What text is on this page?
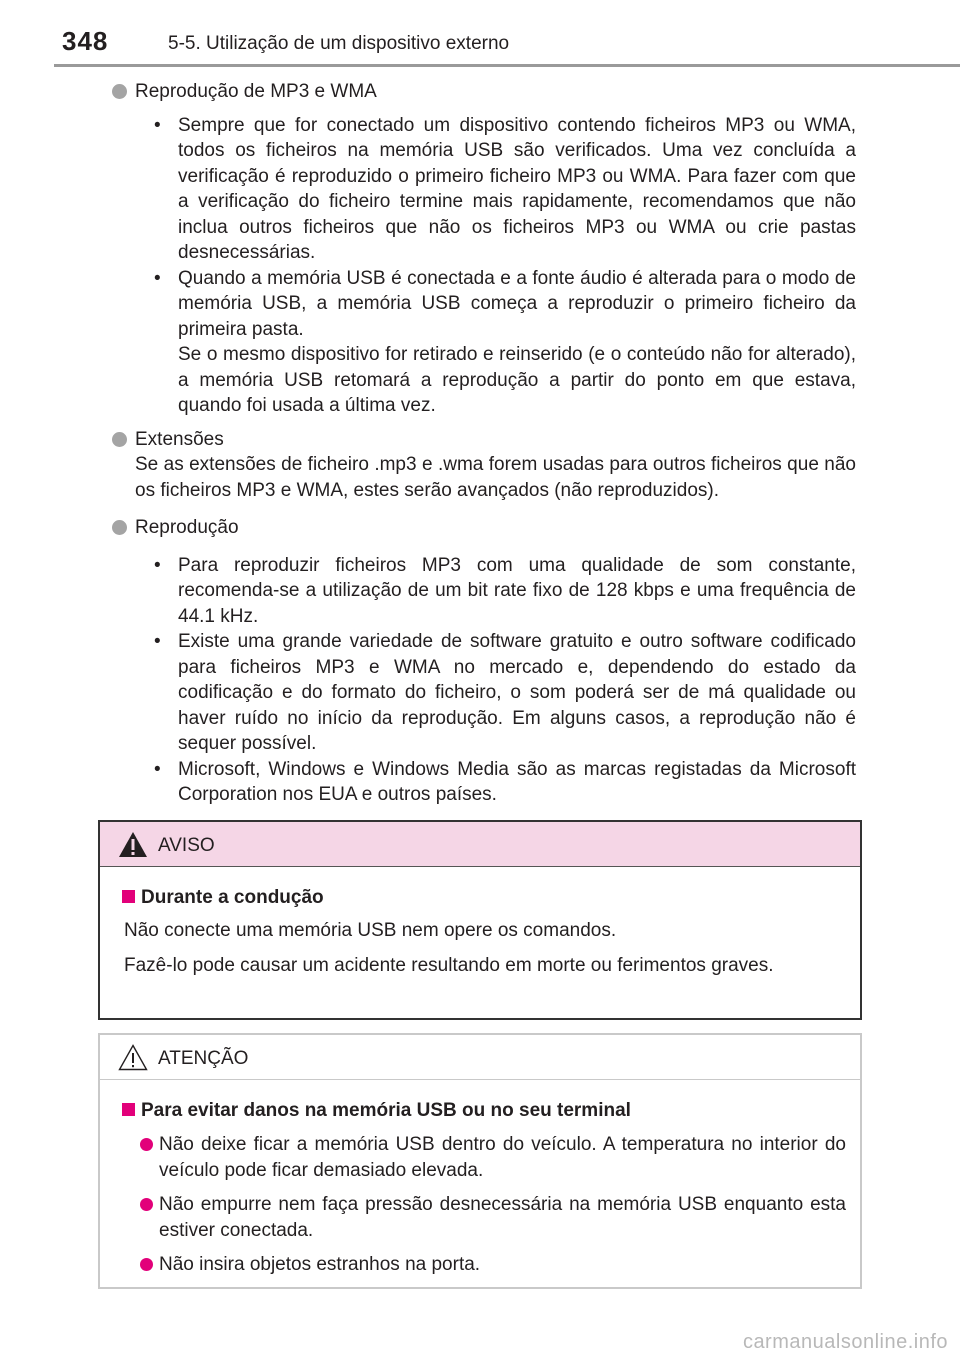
348	5-5. Utilização de um dispositivo externo
Reprodução de MP3 e WMA
• Sempre que for conectado um dispositivo contendo ficheiros MP3 ou WMA, todos os ficheiros na memória USB são verificados. Uma vez concluída a verificação é reproduzido o primeiro ficheiro MP3 ou WMA. Para fazer com que a verificação do ficheiro termine mais rapidamente, recomendamos que não inclua outros ficheiros que não os ficheiros MP3 ou WMA ou crie pastas desnecessárias.
• Quando a memória USB é conectada e a fonte áudio é alterada para o modo de memória USB, a memória USB começa a reproduzir o primeiro ficheiro da primeira pasta.
Se o mesmo dispositivo for retirado e reinserido (e o conteúdo não for alterado), a memória USB retomará a reprodução a partir do ponto em que estava, quando foi usada a última vez.
Extensões
Se as extensões de ficheiro .mp3 e .wma forem usadas para outros ficheiros que não os ficheiros MP3 e WMA, estes serão avançados (não reproduzidos).
Reprodução
• Para reproduzir ficheiros MP3 com uma qualidade de som constante, recomenda-se a utilização de um bit rate fixo de 128 kbps e uma frequência de 44.1 kHz.
• Existe uma grande variedade de software gratuito e outro software codificado para ficheiros MP3 e WMA no mercado e, dependendo do estado da codificação e do formato do ficheiro, o som poderá ser de má qualidade ou haver ruído no início da reprodução. Em alguns casos, a reprodução não é sequer possível.
• Microsoft, Windows e Windows Media são as marcas registadas da Microsoft Corporation nos EUA e outros países.
AVISO
Durante a condução
Não conecte uma memória USB nem opere os comandos.
Fazê-lo pode causar um acidente resultando em morte ou ferimentos graves.
ATENÇÃO
Para evitar danos na memória USB ou no seu terminal
Não deixe ficar a memória USB dentro do veículo. A temperatura no interior do veículo pode ficar demasiado elevada.
Não empurre nem faça pressão desnecessária na memória USB enquanto esta estiver conectada.
Não insira objetos estranhos na porta.
carmanualsonline.info
